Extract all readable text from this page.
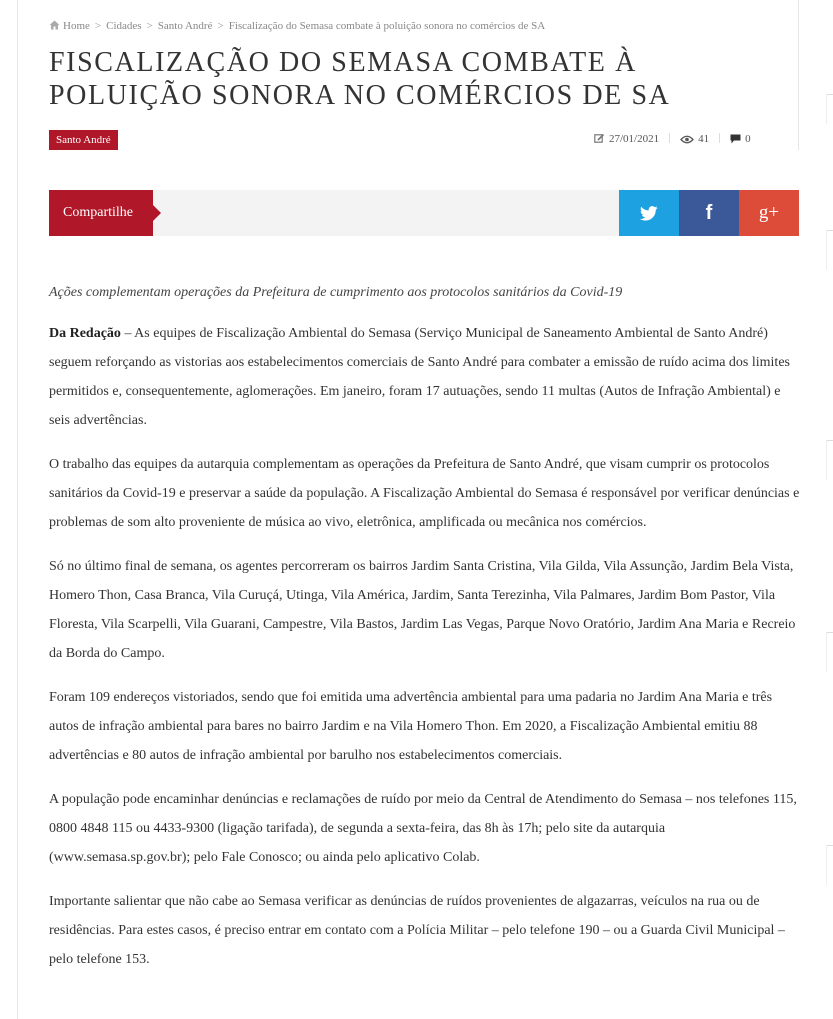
Home > Cidades > Santo André > Fiscalização do Semasa combate à poluição sonora no comércios de SA
FISCALIZAÇÃO DO SEMASA COMBATE À POLUIÇÃO SONORA NO COMÉRCIOS DE SA
Santo André	27/01/2021	41	0
Compartilhe	f g+

Ações complementam operações da Prefeitura de cumprimento aos protocolos sanitários da Covid-19

Da Redação – As equipes de Fiscalização Ambiental do Semasa (Serviço Municipal de Saneamento Ambiental de Santo André) seguem reforçando as vistorias aos estabelecimentos comerciais de Santo André para combater a emissão de ruído acima dos limites permitidos e, consequentemente, aglomerações. Em janeiro, foram 17 autuações, sendo 11 multas (Autos de Infração Ambiental) e seis advertências.

O trabalho das equipes da autarquia complementam as operações da Prefeitura de Santo André, que visam cumprir os protocolos sanitários da Covid-19 e preservar a saúde da população. A Fiscalização Ambiental do Semasa é responsável por verificar denúncias e problemas de som alto proveniente de música ao vivo, eletrônica, amplificada ou mecânica nos comércios.

Só no último final de semana, os agentes percorreram os bairros Jardim Santa Cristina, Vila Gilda, Vila Assunção, Jardim Bela Vista, Homero Thon, Casa Branca, Vila Curuçá, Utinga, Vila América, Jardim, Santa Terezinha, Vila Palmares, Jardim Bom Pastor, Vila Floresta, Vila Scarpelli, Vila Guarani, Campestre, Vila Bastos, Jardim Las Vegas, Parque Novo Oratório, Jardim Ana Maria e Recreio da Borda do Campo.

Foram 109 endereços vistoriados, sendo que foi emitida uma advertência ambiental para uma padaria no Jardim Ana Maria e três autos de infração ambiental para bares no bairro Jardim e na Vila Homero Thon. Em 2020, a Fiscalização Ambiental emitiu 88 advertências e 80 autos de infração ambiental por barulho nos estabelecimentos comerciais.

A população pode encaminhar denúncias e reclamações de ruído por meio da Central de Atendimento do Semasa – nos telefones 115, 0800 4848 115 ou 4433-9300 (ligação tarifada), de segunda a sexta-feira, das 8h às 17h; pelo site da autarquia (www.semasa.sp.gov.br); pelo Fale Conosco; ou ainda pelo aplicativo Colab.

Importante salientar que não cabe ao Semasa verificar as denúncias de ruídos provenientes de algazarras, veículos na rua ou de residências. Para estes casos, é preciso entrar em contato com a Polícia Militar – pelo telefone 190 – ou a Guarda Civil Municipal – pelo telefone 153.
